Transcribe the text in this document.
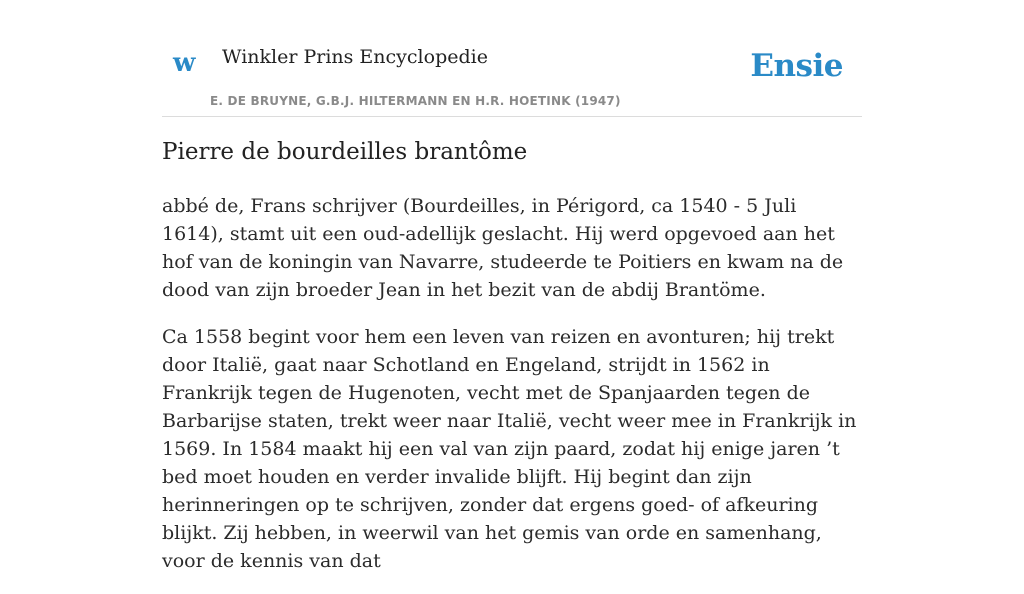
w Winkler Prins Encyclopedie
E. DE BRUYNE, G.B.J. HILTERMANN EN H.R. HOETINK (1947)
Ensie
Pierre de bourdeilles brantôme

abbé de, Frans schrijver (Bourdeilles, in Périgord, ca 1540 - 5 Juli 1614), stamt uit een oud-adellijk geslacht. Hij werd opgevoed aan het hof van de koningin van Navarre, studeerde te Poitiers en kwam na de dood van zijn broeder Jean in het bezit van de abdij Brantöme.

Ca 1558 begint voor hem een leven van reizen en avonturen; hij trekt door Italië, gaat naar Schotland en Engeland, strijdt in 1562 in Frankrijk tegen de Hugenoten, vecht met de Spanjaarden tegen de Barbarijse staten, trekt weer naar Italië, vecht weer mee in Frankrijk in 1569. In 1584 maakt hij een val van zijn paard, zodat hij enige jaren ’t bed moet houden en verder invalide blijft. Hij begint dan zijn herinneringen op te schrijven, zonder dat ergens goed- of afkeuring blijkt. Zij hebben, in weerwil van het gemis van orde en samenhang, voor de kennis van dat
